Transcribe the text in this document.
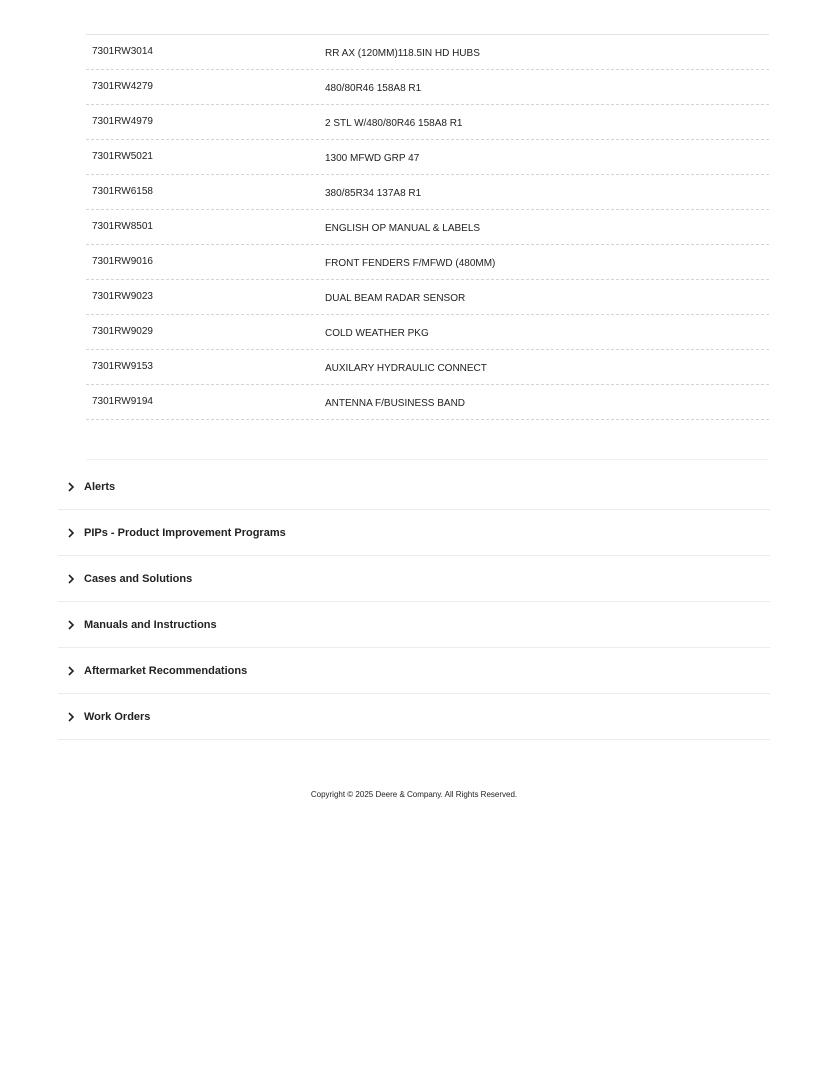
7301RW3014	RR AX (120MM)118.5IN HD HUBS
7301RW4279	480/80R46 158A8 R1
7301RW4979	2 STL W/480/80R46 158A8 R1
7301RW5021	1300 MFWD GRP 47
7301RW6158	380/85R34 137A8 R1
7301RW8501	ENGLISH OP MANUAL & LABELS
7301RW9016	FRONT FENDERS F/MFWD (480MM)
7301RW9023	DUAL BEAM RADAR SENSOR
7301RW9029	COLD WEATHER PKG
7301RW9153	AUXILARY HYDRAULIC CONNECT
7301RW9194	ANTENNA F/BUSINESS BAND
Alerts
PIPs - Product Improvement Programs
Cases and Solutions
Manuals and Instructions
Aftermarket Recommendations
Work Orders
Copyright © 2025 Deere & Company. All Rights Reserved.
